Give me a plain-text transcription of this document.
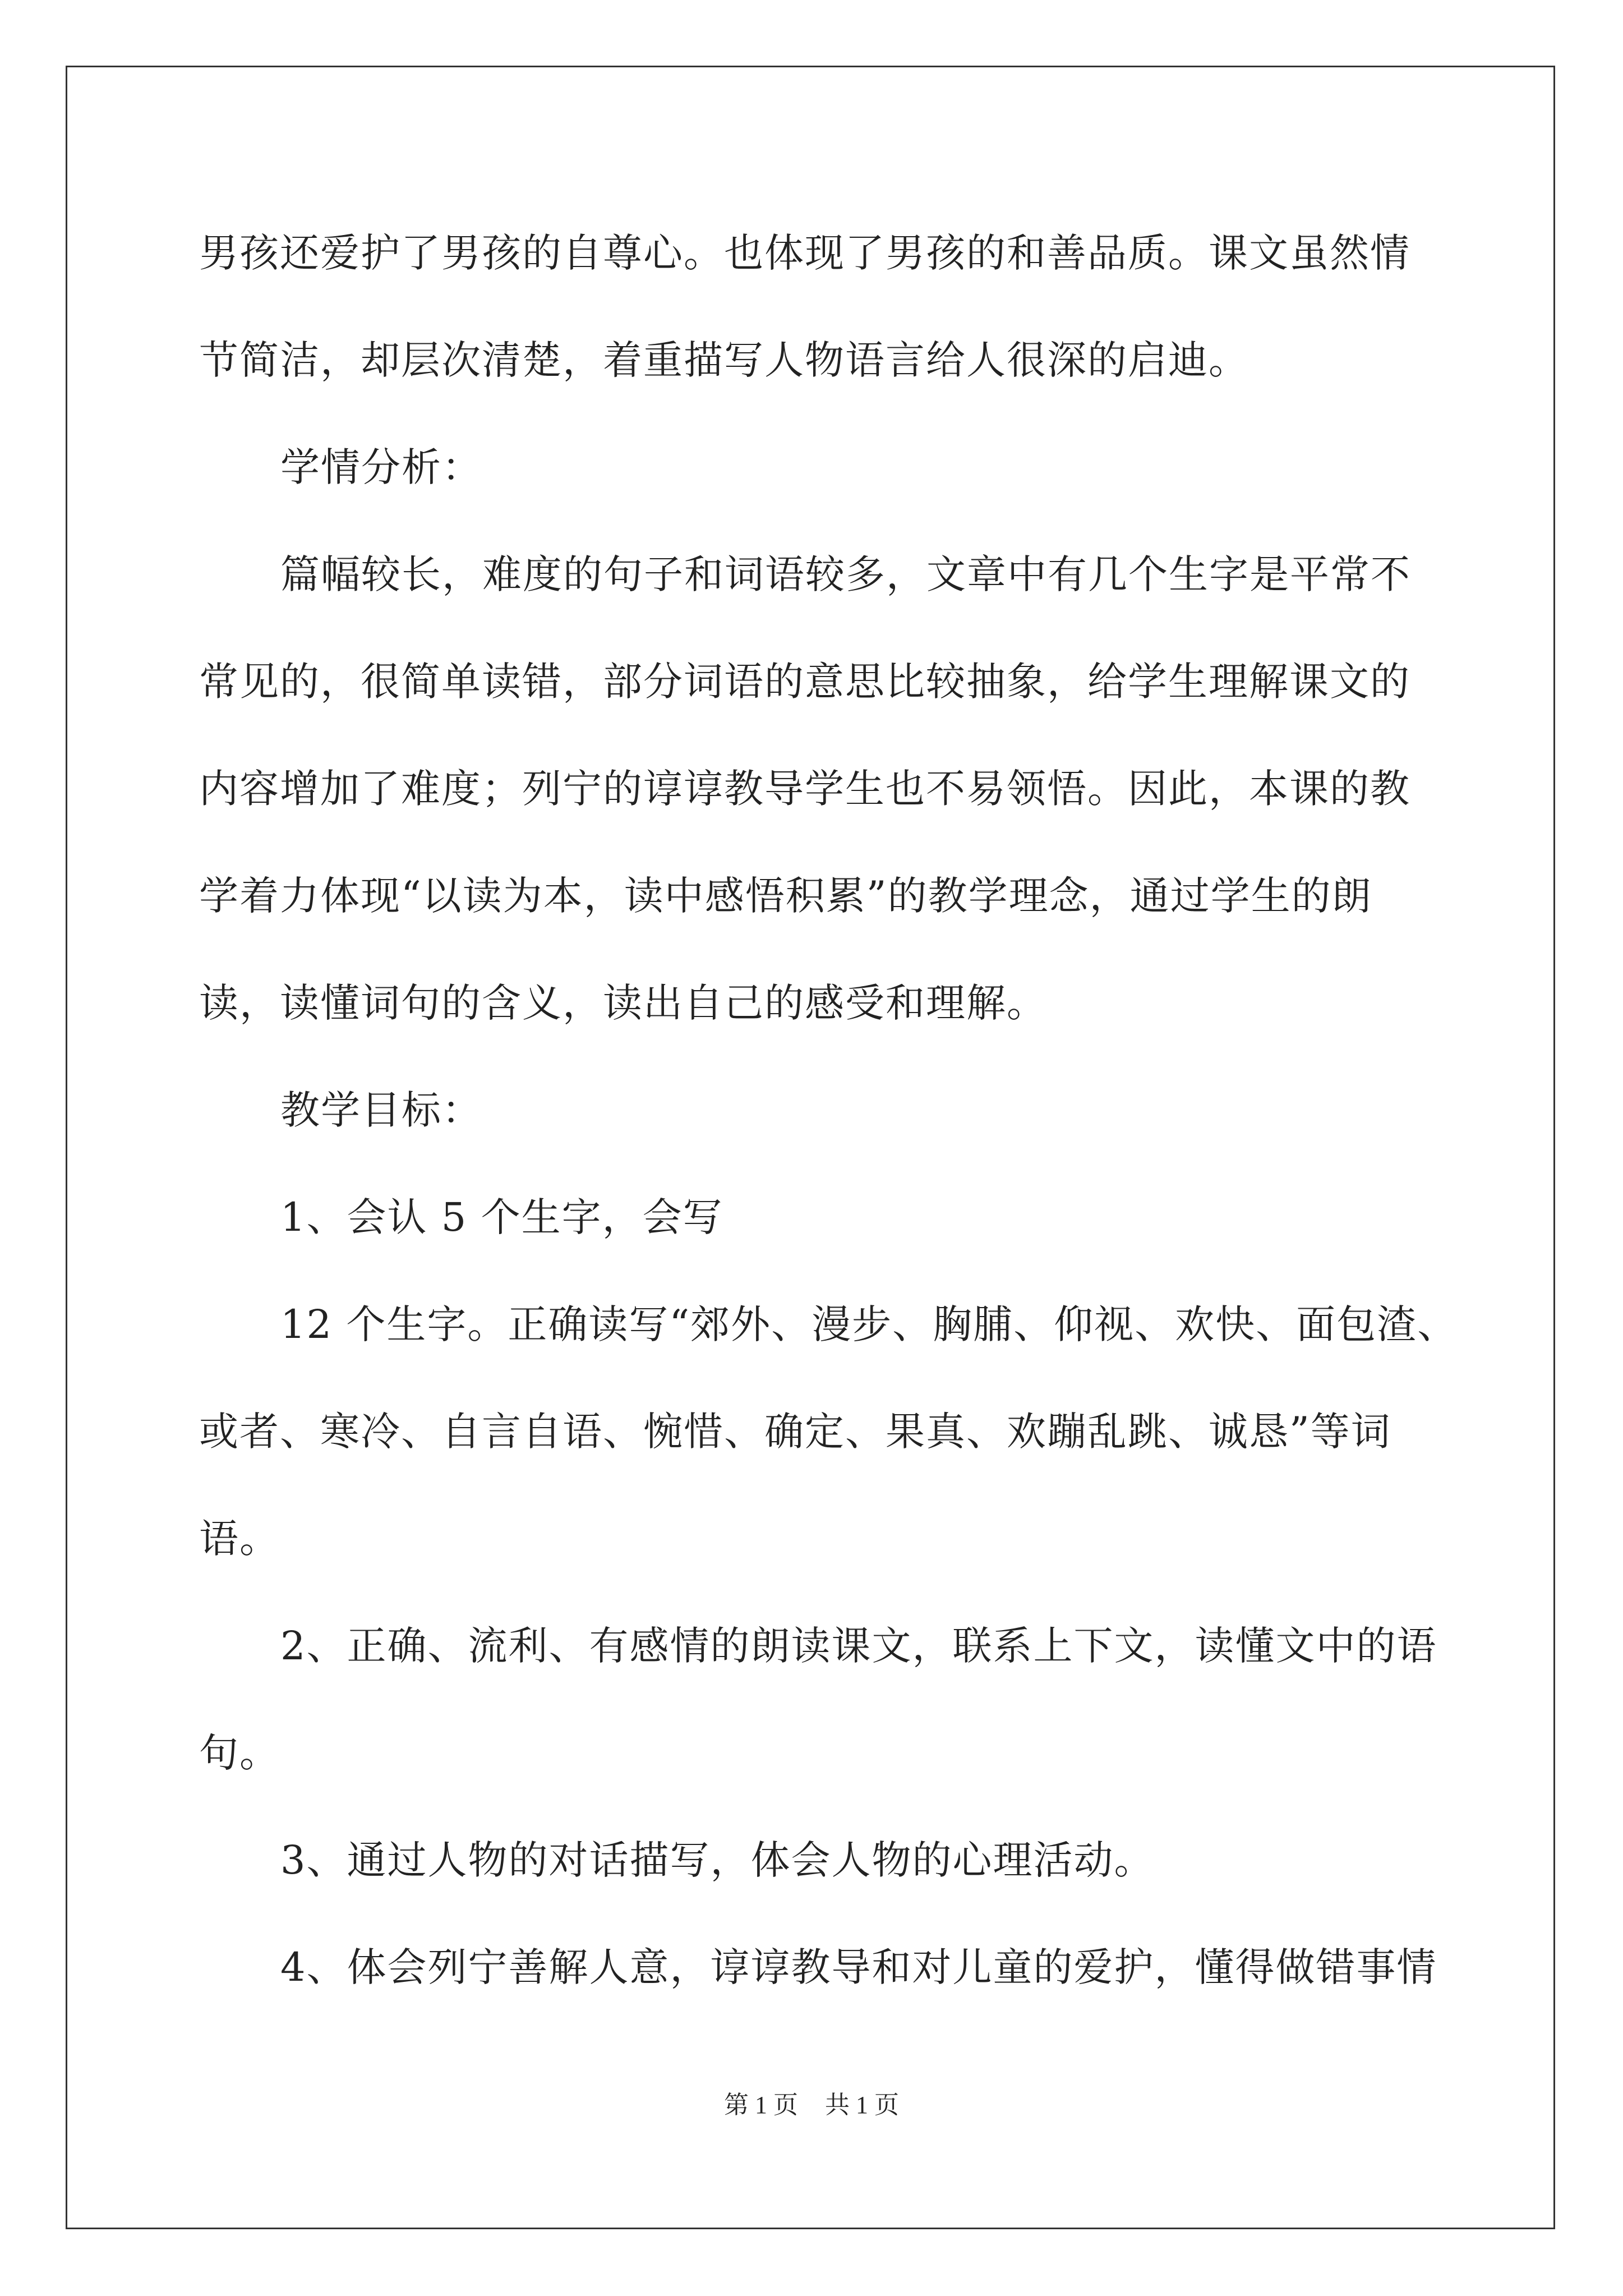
男孩还爱护了男孩的自尊心。也体现了男孩的和善品质。课文虽然情
节简洁，却层次清楚，着重描写人物语言给人很深的启迪。
学情分析：
篇幅较长，难度的句子和词语较多，文章中有几个生字是平常不
常见的，很简单读错，部分词语的意思比较抽象，给学生理解课文的
内容增加了难度；列宁的谆谆教导学生也不易领悟。因此，本课的教
学着力体现“以读为本，读中感悟积累”的教学理念，通过学生的朗
读，读懂词句的含义，读出自己的感受和理解。
教学目标：
1、会认 5 个生字，会写
12 个生字。正确读写“郊外、漫步、胸脯、仰视、欢快、面包渣、
或者、寒冷、自言自语、惋惜、确定、果真、欢蹦乱跳、诚恳”等词
语。
2、正确、流利、有感情的朗读课文，联系上下文，读懂文中的语
句。
3、通过人物的对话描写，体会人物的心理活动。
4、体会列宁善解人意，谆谆教导和对儿童的爱护，懂得做错事情
第 1 页 共 1 页
